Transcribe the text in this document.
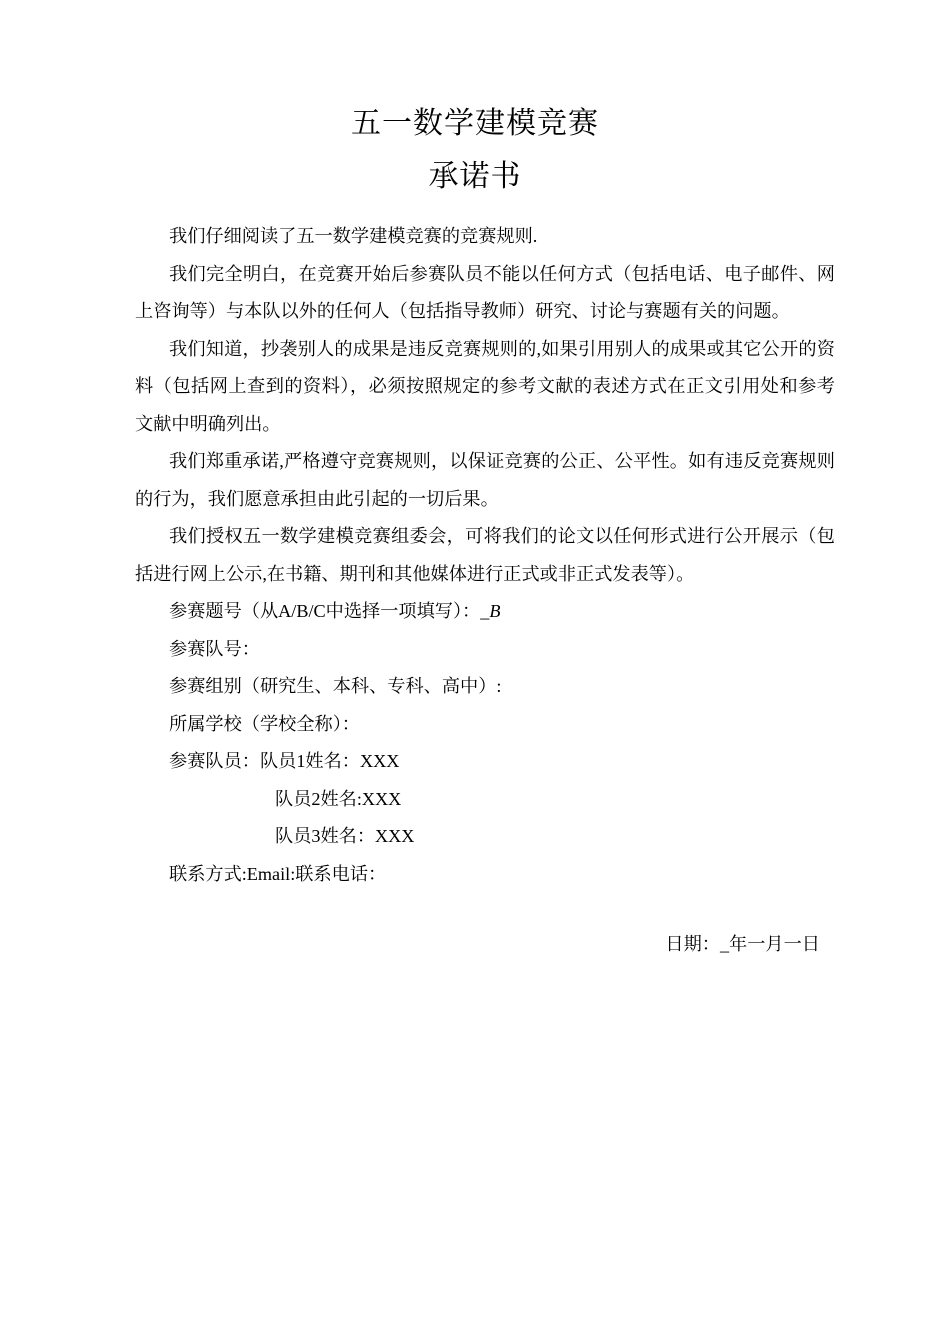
五一数学建模竞赛
承诺书

我们仔细阅读了五一数学建模竞赛的竞赛规则.

我们完全明白，在竞赛开始后参赛队员不能以任何方式（包括电话、电子邮件、网上咨询等）与本队以外的任何人（包括指导教师）研究、讨论与赛题有关的问题。

我们知道，抄袭别人的成果是违反竞赛规则的,如果引用别人的成果或其它公开的资料（包括网上查到的资料），必须按照规定的参考文献的表述方式在正文引用处和参考文献中明确列出。

我们郑重承诺,严格遵守竞赛规则，以保证竞赛的公正、公平性。如有违反竞赛规则的行为，我们愿意承担由此引起的一切后果。

我们授权五一数学建模竞赛组委会，可将我们的论文以任何形式进行公开展示（包括进行网上公示,在书籍、期刊和其他媒体进行正式或非正式发表等）。

参赛题号（从A/B/C中选择一项填写）：_B

参赛队号：

参赛组别（研究生、本科、专科、高中）:

所属学校（学校全称）：

参赛队员：队员1姓名：XXX

队员2姓名:XXX

队员3姓名：XXX

联系方式:Email:联系电话：

日期：_年一月一日
